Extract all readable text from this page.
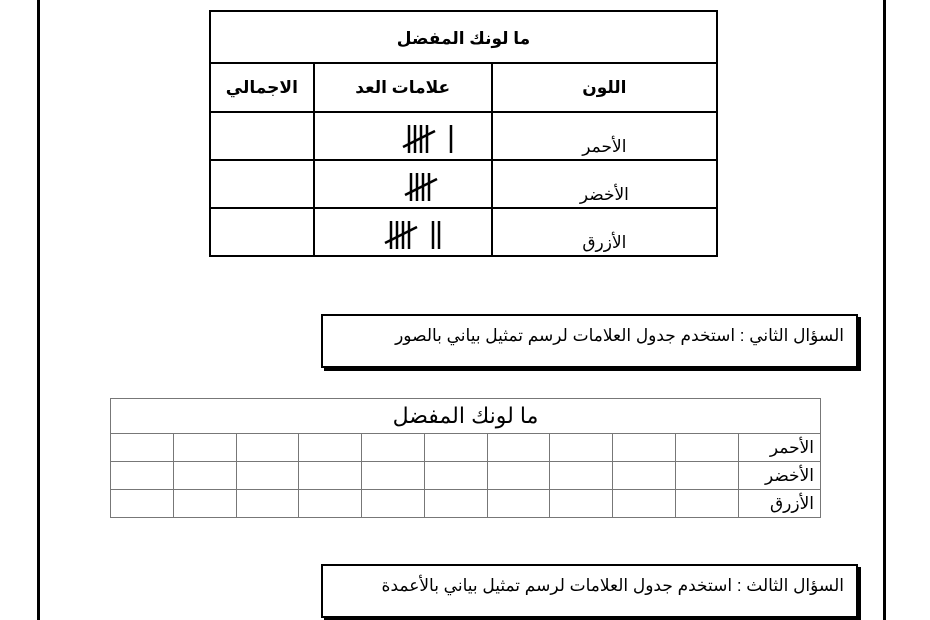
ما لونك المفضل		
اللون	علامات العد	الاجمالي
الأحمر	

الأخضر	

الأزرق	

السؤال الثاني : استخدم جدول العلامات لرسم تمثيل بياني بالصور
ما لونك المفضل										
الأحمر										
الأخضر										
الأزرق										
السؤال الثالث : استخدم جدول العلامات لرسم تمثيل بياني بالأعمدة
